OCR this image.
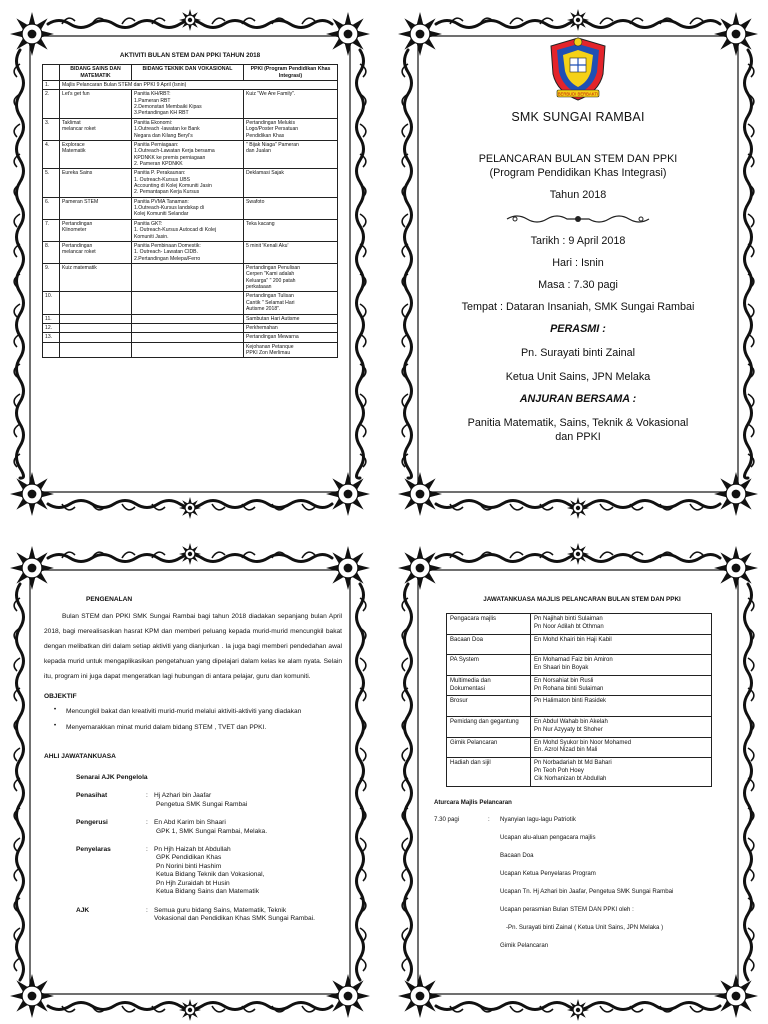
AKTIVITI BULAN STEM DAN PPKI TAHUN 2018
	BIDANG SAINS DAN MATEMATIK	BIDANG TEKNIK DAN VOKASIONAL	PPKI (Program Pendidikan Khas Integrasi)
1.	Majlis Pelancaran Bulan STEM dan PPKI 9 April (Isnin)		
2.	Let's get fun	Panitia KH/RBT:
1.Pameran RBT
2.Demonstari Membaiki Kipas
3.Pertandingan KH RBT	Kuiz "We Are Family".

3.	Taklimat
melancar roket	Panitia Ekonomi:
1.Outreach -lawatan ke Bank
Negara dan Kilang Beryl's	Pertandingan Melukis
Logo/Poster Persatuan
Pendidikan Khas

4.	Explorace
Matematik	Panitia Perniagaan:
1.Outreach-Lawatan Kerja bersama
KPDNKK ke premis perniagaan
2. Pameran KPDNKK	" Bijak Niaga" Pameran
dan Jualan

5.	Eureka Sains	Panitia P. Perakaunan:
1. Outreach-Kursus UBS
Accounting di Kolej Komuniti Jasin
2. Pemantapan Kerja Kursus	Deklamasi Sajak

6.	Pameran STEM	Panitia PVMA Tanaman:
1.Outreach-Kursus landskap di
Kolej Komuniti Selandar	Swafoto

7.	Pertandingan
Klinometer	Panitia GKT:
1. Outreach-Kursus Autocad di Kolej
Komuniti Jasin.	Teka kacang

8.	Pertandingan
melancar roket	Panitia Pembinaan Domestik:
1. Outreach- Lawatan CIDB.
2.Pertandingan Melepa/Ferro	5 minit 'Kenali Aku'

9.	Kuiz matematik		Pertandingan Penulisan
Cerpen "Kami adalah
Keluarga" " 200 patah
perkataaan

10.			Pertandingan Tulisan
Cantik " Selamat Hari
Autisme 2018".

11.			Sambutan Hari Autisme

12.			Perkhemahan

13.			Pertandingan Mewarna

			Kejohanan Petanque
PPKI Zon Merlimau
BERBUDI BERBAKTI
SMK SUNGAI RAMBAI
PELANCARAN BULAN STEM DAN PPKI
(Program Pendidikan Khas Integrasi)
Tahun 2018
Tarikh : 9 April 2018
Hari : Isnin
Masa : 7.30 pagi
Tempat : Dataran Insaniah, SMK Sungai Rambai
PERASMI :
Pn. Surayati binti Zainal
Ketua Unit Sains, JPN Melaka
ANJURAN BERSAMA :
Panitia Matematik, Sains, Teknik & Vokasional
dan PPKI
PENGENALAN
Bulan STEM dan PPKI SMK Sungai Rambai bagi tahun 2018 diadakan sepanjang bulan April 2018, bagi merealisasikan hasrat KPM dan memberi peluang kepada murid-murid mencungkil bakat dengan melibatkan diri dalam setiap aktiviti yang dianjurkan . Ia juga bagi memberi pendedahan awal kepada murid untuk mengaplikasikan pengetahuan yang dipelajari dalam kelas ke alam nyata. Selain itu, program ini juga dapat mengeratkan lagi hubungan di antara pelajar, guru dan komuniti.
OBJEKTIF
•	Mencungkil bakat dan kreativiti murid-murid melalui aktiviti-aktiviti yang diadakan
•	Menyemarakkan minat murid dalam bidang STEM , TVET dan PPKI.
AHLI JAWATANKUASA
Senarai AJK Pengelola
Penasihat	: Hj Azhari bin Jaafar
Pengetua SMK Sungai Rambai
Pengerusi	: En Abd Karim bin Shaari
GPK 1, SMK Sungai Rambai, Melaka.
Penyelaras	: Pn Hjh Haizah bt Abdullah
GPK Pendidikan Khas
Pn Norini binti Hashim
Ketua Bidang Teknik dan Vokasional,
Pn Hjh Zuraidah bt Husin
Ketua Bidang Sains dan Matematik
AJK	: Semua guru bidang Sains, Matematik, Teknik
Vokasional dan Pendidikan Khas SMK Sungai Rambai.
JAWATANKUASA MAJLIS PELANCARAN BULAN STEM DAN PPKI
Pengacara majlis	Pn Najihah binti Sulaiman
Pn Noor Adilah bt Othman

Bacaan Doa	En Mohd Khairi bin Haji Kabil

PA System	En Mohamad Faiz bin Amiron
En Shaari bin Boyak

Multimedia dan Dokumentasi	En Norsahiat bin Rusli
Pn Rohana binti Sulaiman

Brosur	Pn Halimaton binti Rasidek

Pemidang dan gegantung	En Abdul Wahab bin Akelah
Pn Nur Azyyaty bt Shoher

Gimik Pelancaran	En Mohd Syukor bin Noor Mohamed
En. Azrol Nizad bin Mali

Hadiah dan sijil	Pn Norbadariah bt Md Bahari
Pn Teoh Poh Hoey
Cik Norhanizan bt Abdullah
Aturcara Majlis Pelancaran
7.30 pagi	:	Nyanyian lagu-lagu Patriotik
Ucapan alu-aluan pengacara majlis
Bacaan Doa
Ucapan Ketua Penyelaras Program
Ucapan Tn. Hj Azhari bin Jaafar, Pengetua SMK Sungai Rambai
Ucapan perasmian Bulan STEM DAN PPKI oleh :
-Pn. Surayati binti Zainal ( Ketua Unit Sains, JPN Melaka )
Gimik Pelancaran
